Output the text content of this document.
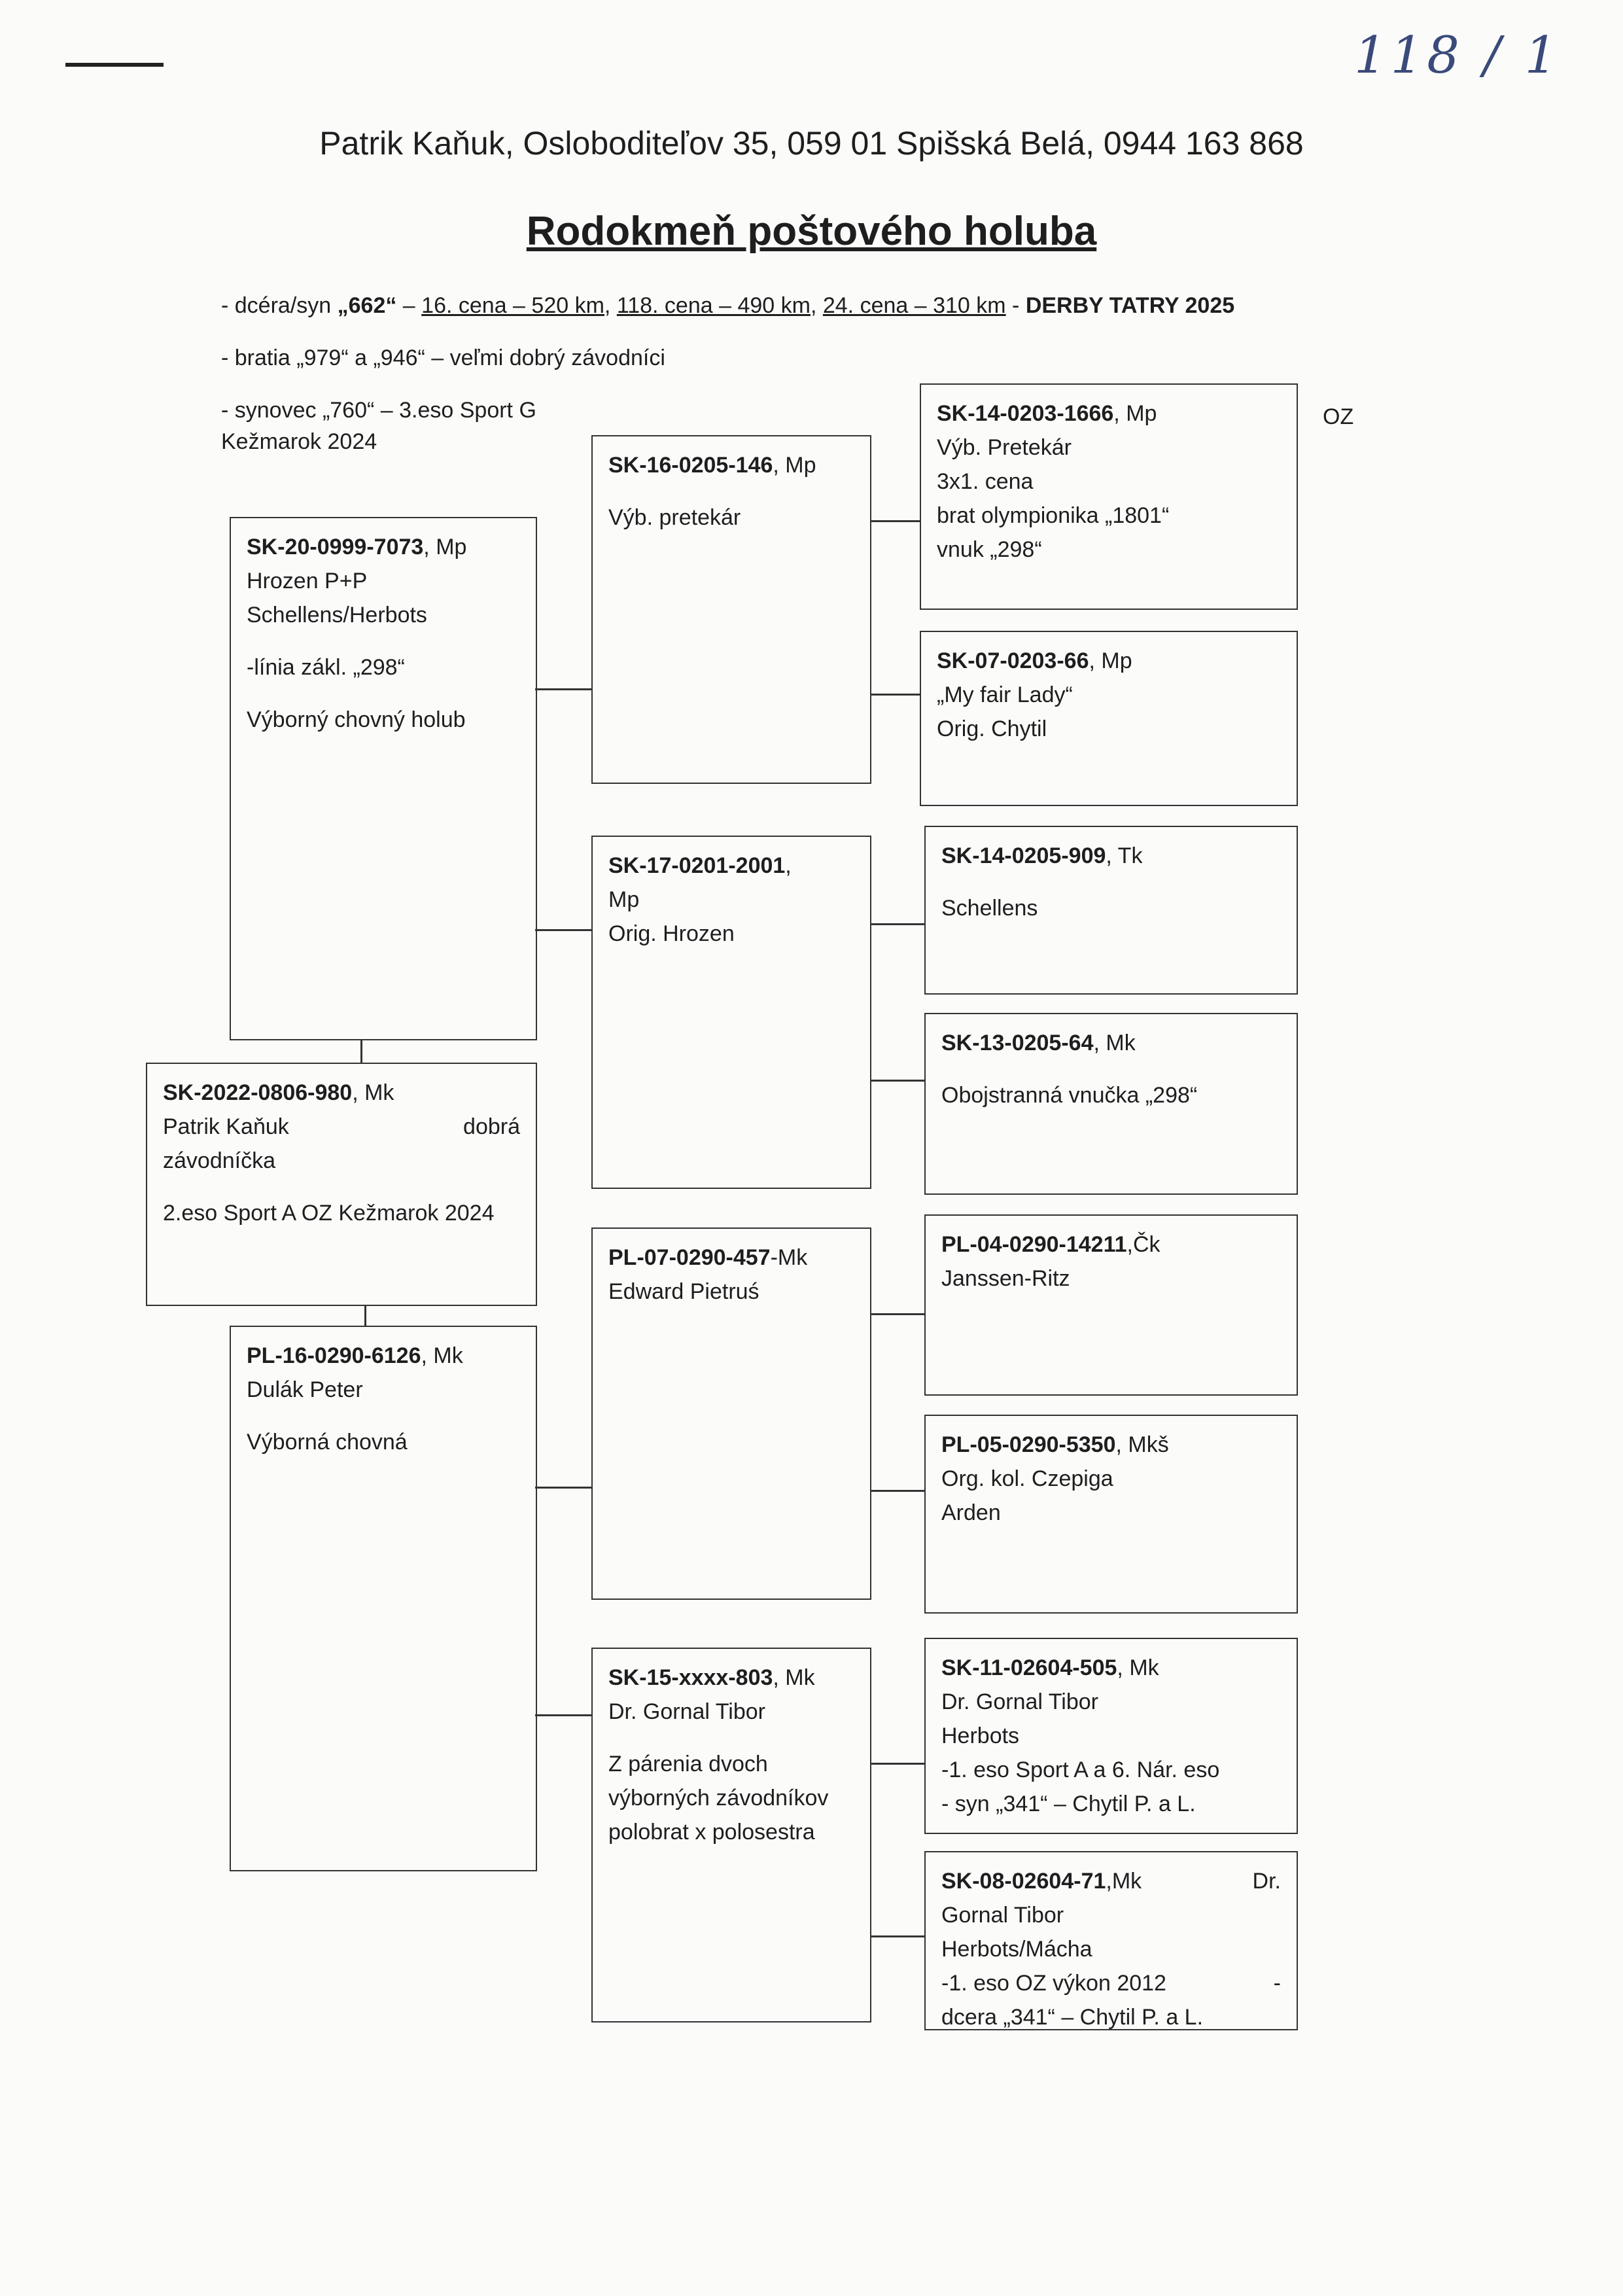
118 / 1
Patrik Kaňuk, Osloboditeľov 35, 059 01 Spišská Belá, 0944 163 868
Rodokmeň poštového holuba
- dcéra/syn „662“ – 16. cena – 520 km, 118. cena – 490 km, 24. cena – 310 km - DERBY TATRY 2025
- bratia „979“ a „946“ – veľmi dobrý závodníci
- synovec „760“ – 3.eso Sport G
Kežmarok 2024
OZ
SK-2022-0806-980, Mk
Patrik Kaňuk	dobrá
závodníčka
2.eso Sport A OZ Kežmarok 2024
SK-20-0999-7073, Mp
Hrozen P+P
Schellens/Herbots
-línia zákl. „298“
Výborný chovný holub
PL-16-0290-6126, Mk
Dulák Peter
Výborná chovná
SK-16-0205-146, Mp
Výb. pretekár
SK-17-0201-2001,
Mp
Orig. Hrozen
PL-07-0290-457-Mk
Edward Pietruś
SK-15-xxxx-803, Mk
Dr. Gornal Tibor
Z párenia dvoch
výborných závodníkov
polobrat x polosestra
SK-14-0203-1666, Mp
Výb. Pretekár
3x1. cena
brat olympionika „1801“
vnuk „298“
SK-07-0203-66, Mp
„My fair Lady“
Orig. Chytil
SK-14-0205-909, Tk
Schellens
SK-13-0205-64, Mk
Obojstranná vnučka „298“
PL-04-0290-14211,Čk
Janssen-Ritz
PL-05-0290-5350, Mkš
Org. kol. Czepiga
Arden
SK-11-02604-505, Mk
Dr. Gornal Tibor
Herbots
-1. eso Sport A a 6. Nár. eso
- syn „341“ – Chytil P. a L.
SK-08-02604-71,Mk	Dr.
Gornal Tibor
Herbots/Mácha
-1. eso OZ výkon 2012	-
dcera „341“ – Chytil P. a L.
